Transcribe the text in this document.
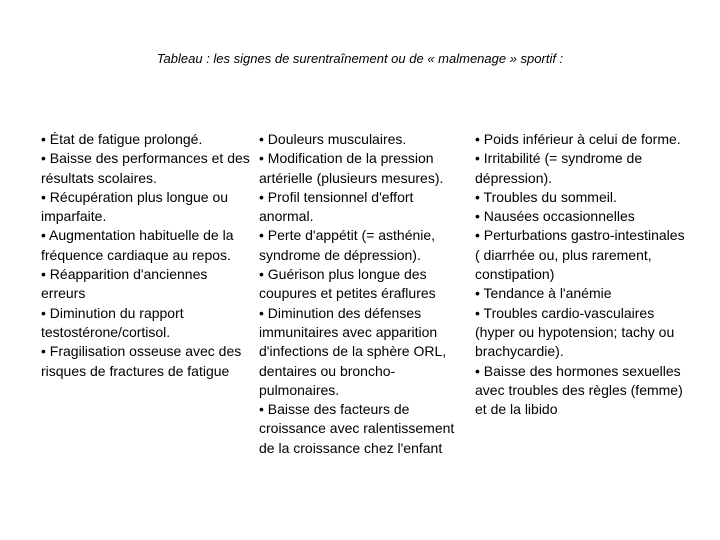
Tableau : les signes de surentraînement ou de « malmenage » sportif :

• État de fatigue prolongé.

• Baisse des performances et des résultats scolaires.

• Récupération plus longue ou imparfaite.

• Augmentation habituelle de la fréquence cardiaque au repos.

• Réapparition d'anciennes erreurs

• Diminution du rapport testostérone/cortisol.

• Fragilisation osseuse avec des risques de fractures de fatigue

• Douleurs musculaires.

• Modification de la pression artérielle (plusieurs mesures).

• Profil tensionnel d'effort anormal.

• Perte d'appétit (= asthénie, syndrome de dépression).

• Guérison plus longue des coupures et petites éraflures

• Diminution des défenses immunitaires avec apparition d'infections de la sphère ORL, dentaires ou broncho-pulmonaires.

• Baisse des facteurs de croissance avec ralentissement de la croissance chez l'enfant

• Poids inférieur à celui de forme.

• Irritabilité (= syndrome de dépression).

• Troubles du sommeil.

• Nausées occasionnelles

• Perturbations gastro-intestinales ( diarrhée ou, plus rarement, constipation)

• Tendance à l'anémie

• Troubles cardio-vasculaires (hyper ou hypotension; tachy ou brachycardie).

• Baisse des hormones sexuelles avec troubles des règles (femme) et de la libido
